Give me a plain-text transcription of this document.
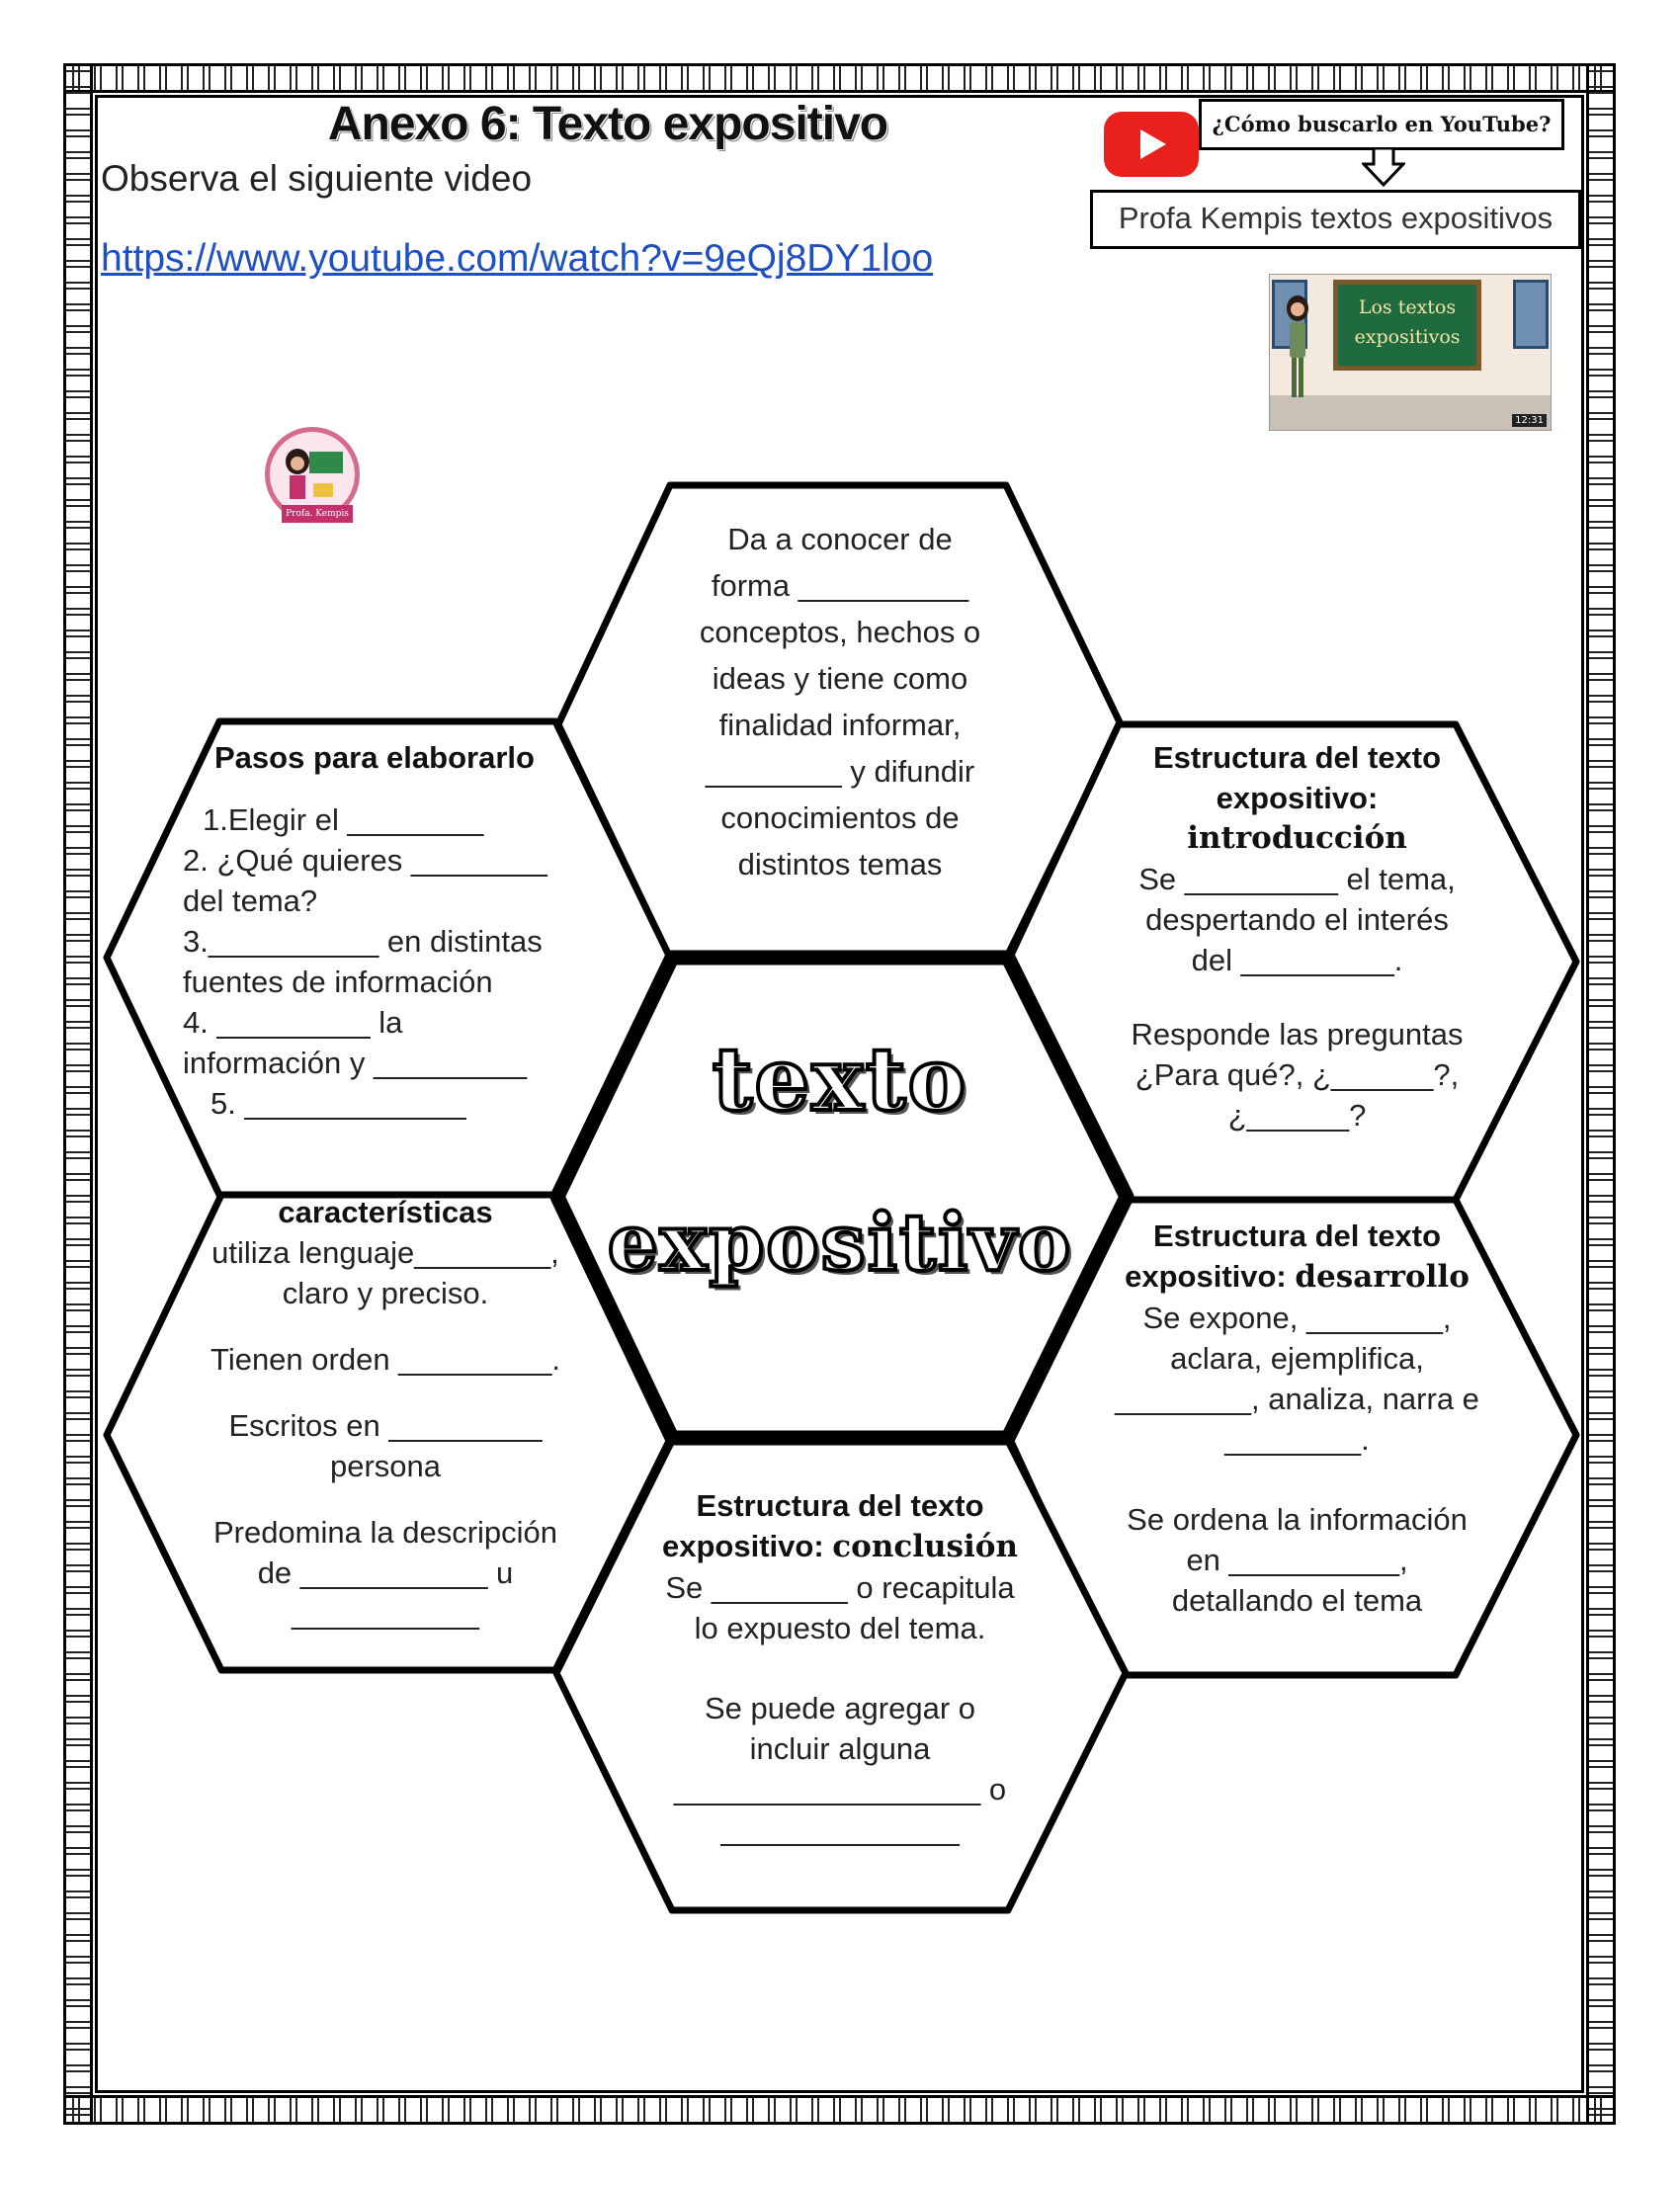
Anexo 6: Texto expositivo
Observa el siguiente video
https://www.youtube.com/watch?v=9eQj8DY1loo
¿Cómo buscarlo en YouTube?
Profa Kempis textos expositivos
Los textos
expositivos
12:31
Profa. Kempis
texto
expositivo
Da a conocer de
forma __________
conceptos, hechos o
ideas y tiene como
finalidad informar,
________ y difundir
conocimientos de
distintos temas
Pasos para elaborarlo
1.Elegir el ________
2. ¿Qué quieres ________
del tema?
3.__________ en distintas
fuentes de información
4. _________ la
información y _________
5. _____________
Estructura del texto
expositivo:
introducción
Se _________ el tema,
despertando el interés
del _________.
Responde las preguntas
¿Para qué?, ¿______?,
¿______?
características
utiliza lenguaje________,
claro y preciso.
Tienen orden _________.
Escritos en _________
persona
Predomina la descripción
de ___________ u
___________
Estructura del texto
expositivo: desarrollo
Se expone, ________,
aclara, ejemplifica,
________, analiza, narra e
________.
Se ordena la información
en __________,
detallando el tema
Estructura del texto
expositivo: conclusión
Se ________ o recapitula
lo expuesto del tema.
Se puede agregar o
incluir alguna
__________________ o
______________
